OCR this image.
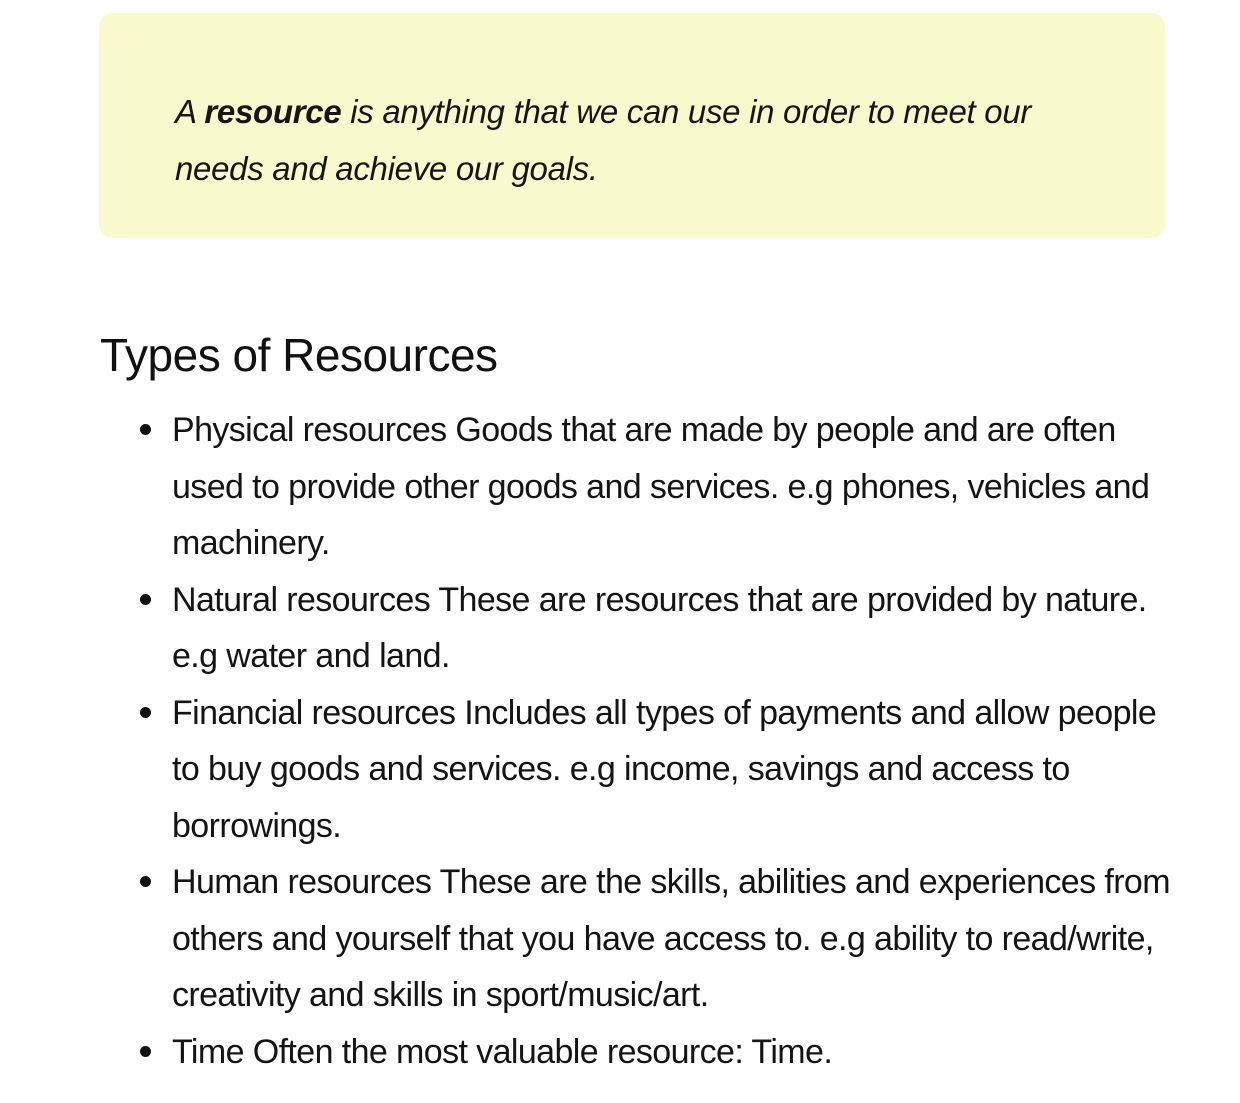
A resource is anything that we can use in order to meet our needs and achieve our goals.

Types of Resources
Physical resources Goods that are made by people and are often used to provide other goods and services. e.g phones, vehicles and machinery.
Natural resources These are resources that are provided by nature. e.g water and land.
Financial resources Includes all types of payments and allow people to buy goods and services. e.g income, savings and access to borrowings.
Human resources These are the skills, abilities and experiences from others and yourself that you have access to. e.g ability to read/write, creativity and skills in sport/music/art.
Time Often the most valuable resource: Time.
